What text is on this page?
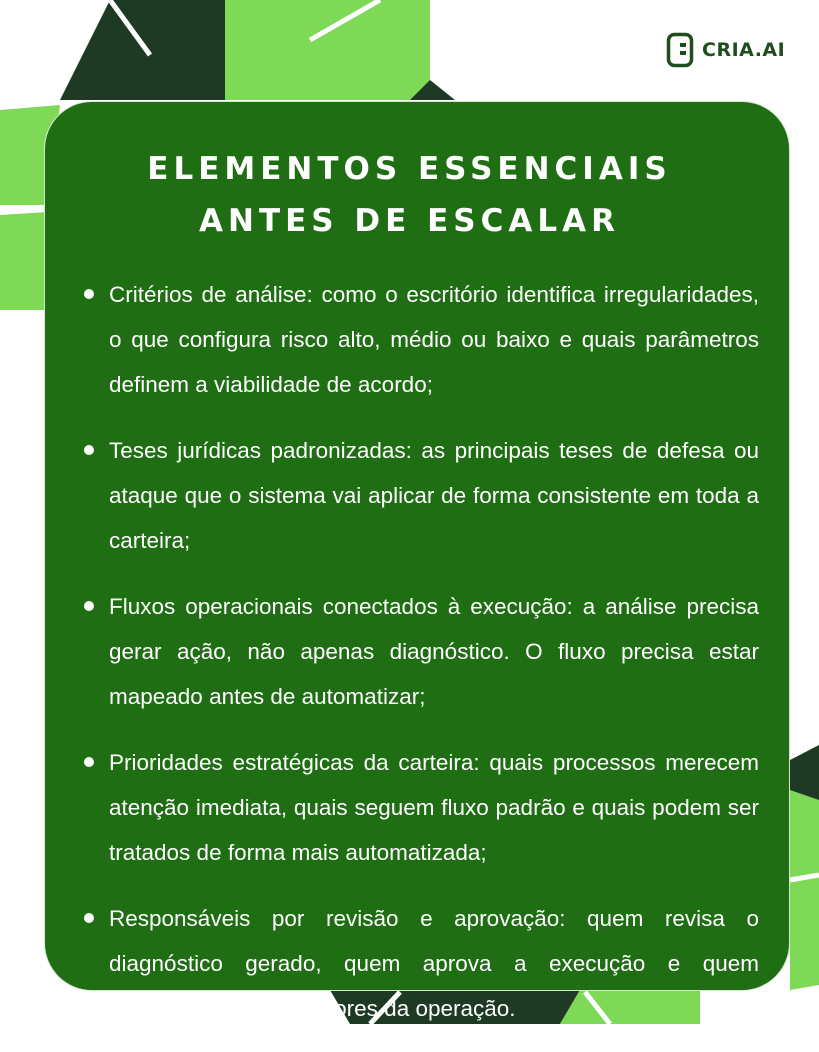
CRIA.AI
ELEMENTOS ESSENCIAIS
ANTES DE ESCALAR
Critérios de análise: como o escritório identifica irregularidades, o que configura risco alto, médio ou baixo e quais parâmetros definem a viabilidade de acordo;
Teses jurídicas padronizadas: as principais teses de defesa ou ataque que o sistema vai aplicar de forma consistente em toda a carteira;
Fluxos operacionais conectados à execução: a análise precisa gerar ação, não apenas diagnóstico. O fluxo precisa estar mapeado antes de automatizar;
Prioridades estratégicas da carteira: quais processos merecem atenção imediata, quais seguem fluxo padrão e quais podem ser tratados de forma mais automatizada;
Responsáveis por revisão e aprovação: quem revisa o diagnóstico gerado, quem aprova a execução e quem acompanha os indicadores da operação.
